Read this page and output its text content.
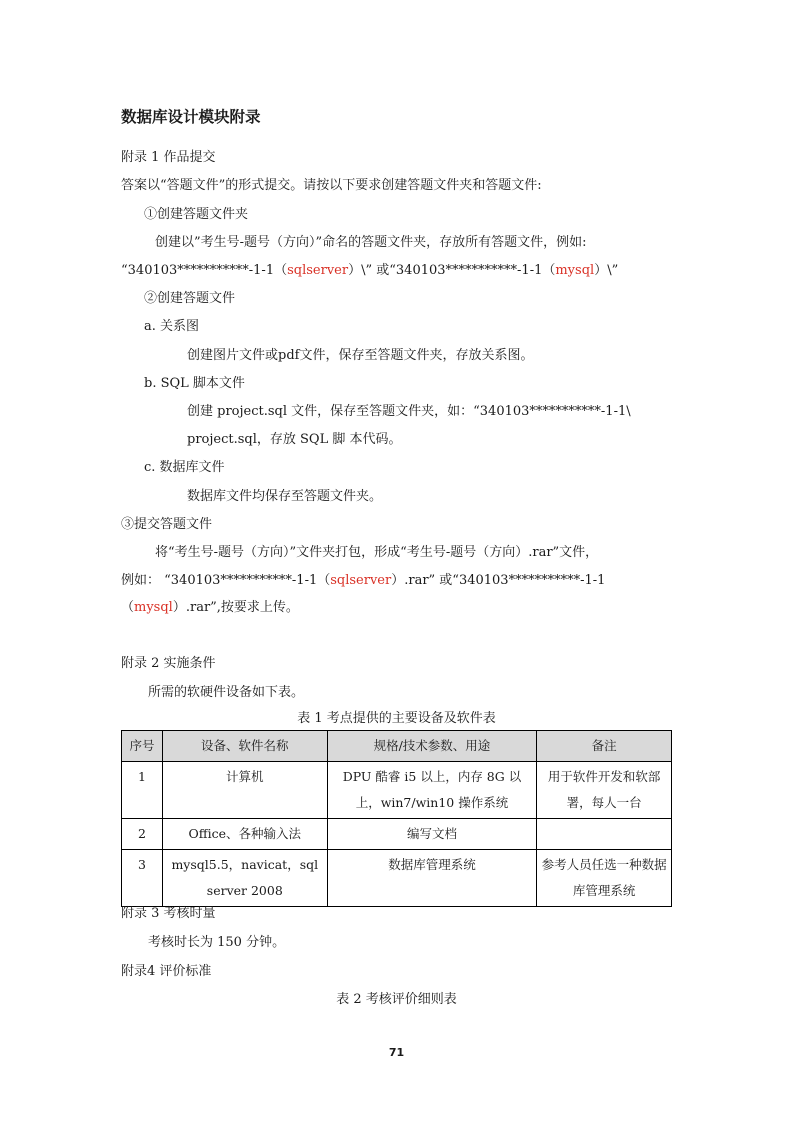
数据库设计模块附录
附录 1 作品提交
答案以“答题文件”的形式提交。请按以下要求创建答题文件夹和答题文件:
①创建答题文件夹
创建以”考生号-题号（方向）”命名的答题文件夹，存放所有答题文件，例如:
“340103***********-1-1（sqlserver）\” 或“340103***********-1-1（mysql）\”
②创建答题文件
a. 关系图
创建图片文件或pdf文件，保存至答题文件夹，存放关系图。
b. SQL 脚本文件
创建 project.sql 文件，保存至答题文件夹，如：“340103***********-1-1\
project.sql，存放 SQL 脚 本代码。
c. 数据库文件
数据库文件均保存至答题文件夹。
③提交答题文件
将“考生号-题号（方向）”文件夹打包，形成“考生号-题号（方向）.rar”文件，
例如： “340103***********-1-1（sqlserver）.rar” 或“340103***********-1-1
（mysql）.rar”,按要求上传。
附录 2 实施条件
所需的软硬件设备如下表。
表 1 考点提供的主要设备及软件表
序号	设备、软件名称	规格/技术参数、用途	备注
1	计算机	DPU 酷睿 i5 以上，内存 8G 以上，win7/win10 操作系统	用于软件开发和软部署，每人一台
2	Office、各种输入法	编写文档	
3	mysql5.5，navicat，sql server 2008	数据库管理系统	参考人员任选一种数据库管理系统
附录 3 考核时量
考核时长为 150 分钟。
附录4 评价标准
表 2 考核评价细则表
71
